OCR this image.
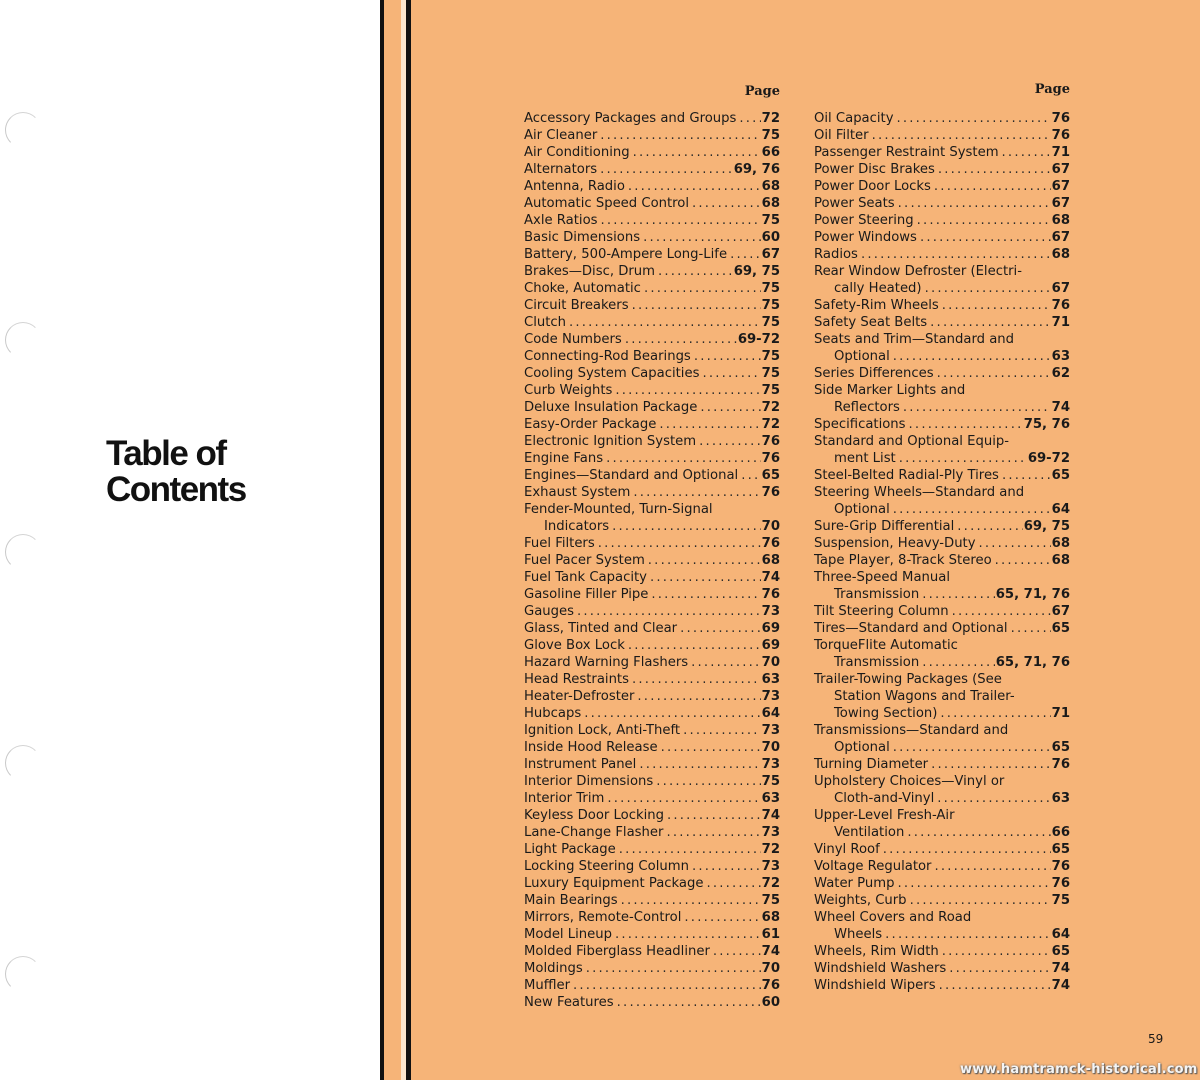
Table of
Contents
Page
Accessory Packages and Groups . . . 72
Air Cleaner . . .	75
Air Conditioning . . .	66
Alternators . . .	69, 76
Antenna, Radio . . .	68
Automatic Speed Control . . .	68
Axle Ratios . . .	75
Basic Dimensions . . .	60
Battery, 500-Ampere Long-Life . . .	67
Brakes—Disc, Drum . . .	69, 75
Choke, Automatic . . .	75
Circuit Breakers . . .	75
Clutch . . .	75
Code Numbers . . .	69-72
Connecting-Rod Bearings . . .	75
Cooling System Capacities . . .	75
Curb Weights . . .	75
Deluxe Insulation Package . . .	72
Easy-Order Package . . .	72
Electronic Ignition System . . .	76
Engine Fans . . .	76
Engines—Standard and Optional . . . 65
Exhaust System . . .	76
Fender-Mounted, Turn-Signal
Indicators . . .	70
Fuel Filters . . .	76
Fuel Pacer System . . .	68
Fuel Tank Capacity . . .	74
Gasoline Filler Pipe . . .	76
Gauges . . .	73
Glass, Tinted and Clear . . .	69
Glove Box Lock . . .	69
Hazard Warning Flashers . . .	70
Head Restraints . . .	63
Heater-Defroster . . .	73
Hubcaps . . .	64
Ignition Lock, Anti-Theft . . .	73
Inside Hood Release . . .	70
Instrument Panel . . .	73
Interior Dimensions . . .	75
Interior Trim . . .	63
Keyless Door Locking . . .	74
Lane-Change Flasher . . .	73
Light Package . . .	72
Locking Steering Column . . .	73
Luxury Equipment Package . . .	72
Main Bearings . . .	75
Mirrors, Remote-Control . . .	68
Model Lineup . . .	61
Molded Fiberglass Headliner . . .	74
Moldings . . .	70
Muffler . . .	76
New Features . . .	60
Page
Oil Capacity . . .	76
Oil Filter . . .	76
Passenger Restraint System . . .	71
Power Disc Brakes . . .	67
Power Door Locks . . .	67
Power Seats . . .	67
Power Steering . . .	68
Power Windows . . .	67
Radios . . .	68
Rear Window Defroster (Electri-
cally Heated) . . .	67
Safety-Rim Wheels . . .	76
Safety Seat Belts . . .	71
Seats and Trim—Standard and
Optional . . .	63
Series Differences . . .	62
Side Marker Lights and
Reflectors . . .	74
Specifications . . .	75, 76
Standard and Optional Equip-
ment List . . .	69-72
Steel-Belted Radial-Ply Tires . . .	65
Steering Wheels—Standard and
Optional . . .	64
Sure-Grip Differential . . .	69, 75
Suspension, Heavy-Duty . . .	68
Tape Player, 8-Track Stereo . . .	68
Three-Speed Manual
Transmission . . .	65, 71, 76
Tilt Steering Column . . .	67
Tires—Standard and Optional . . .	65
TorqueFlite Automatic
Transmission . . .	65, 71, 76
Trailer-Towing Packages (See
Station Wagons and Trailer-
Towing Section) . . .	71
Transmissions—Standard and
Optional . . .	65
Turning Diameter . . .	76
Upholstery Choices—Vinyl or
Cloth-and-Vinyl . . .	63
Upper-Level Fresh-Air
Ventilation . . .	66
Vinyl Roof . . .	65
Voltage Regulator . . .	76
Water Pump . . .	76
Weights, Curb . . .	75
Wheel Covers and Road
Wheels . . .	64
Wheels, Rim Width . . .	65
Windshield Washers . . .	74
Windshield Wipers . . .	74
59
www.hamtramck-historical.com
